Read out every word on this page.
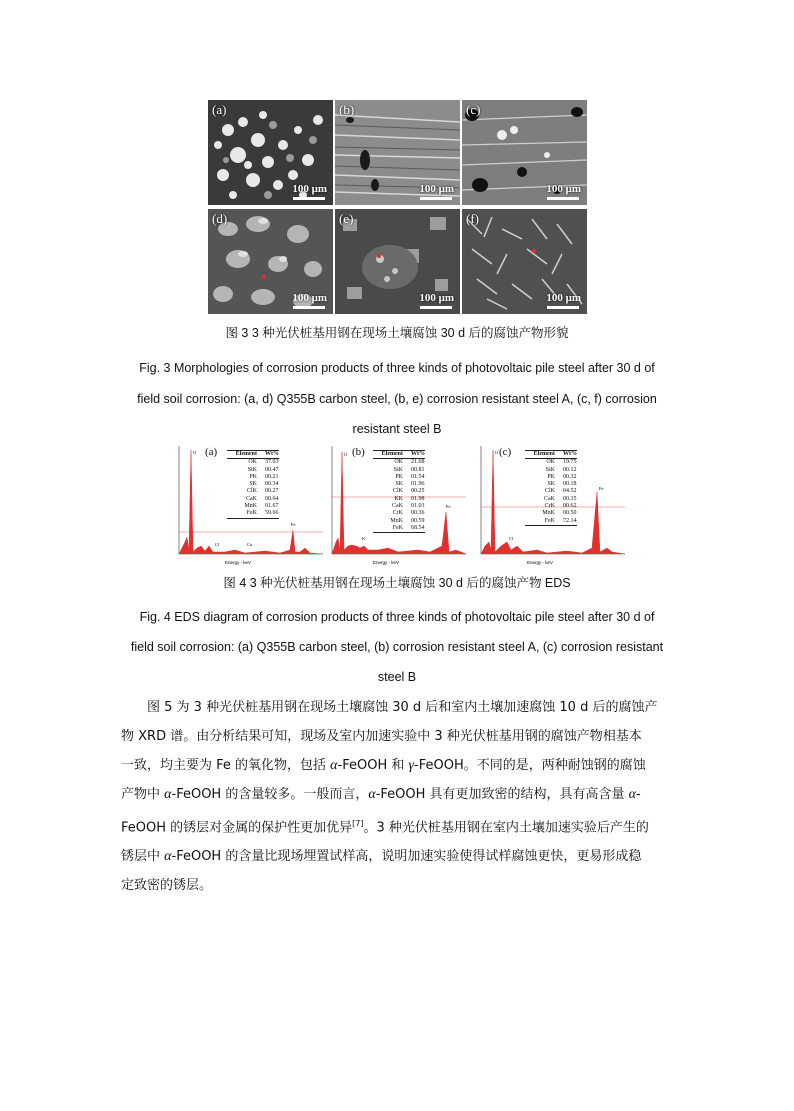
(a)
100 μm
(b)
100 μm
(c)
100 μm
(d)
100 μm
(e)
100 μm
(f)
100 μm
图 3 3 种光伏桩基用钢在现场土壤腐蚀 30 d 后的腐蚀产物形貌
Fig. 3 Morphologies of corrosion products of three kinds of photovoltaic pile steel after 30 d of
field soil corrosion: (a, d) Q355B carbon steel, (b, e) corrosion resistant steel A, (c, f) corrosion
resistant steel B
O
Cl	Ca
Fe
Energy - keV
(a)	Element	Wt%
OK	37.03
SiK	00.47
PK	00.21
SK	00.34
ClK	00.27
CaK	00.64
MnK	01.67
FeK	59.66
O
K
Fe
Energy - keV
(b)	Element	Wt%
OK	21.68
SiK	00.81
PK	01.54
SK	01.96
ClK	00.25
KK	01.98
CaK	01.03
CrK	00.36
MnK	00.59
FeK	68.54
O
Cl
Fe
Energy - keV
(c)	Element	Wt%
OK	19.75
SiK	00.12
PK	00.32
SK	00.18
ClK	04.52
CaK	00.35
CrK	00.62
MnK	00.50
FeK	72.14
图 4 3 种光伏桩基用钢在现场土壤腐蚀 30 d 后的腐蚀产物 EDS
Fig. 4 EDS diagram of corrosion products of three kinds of photovoltaic pile steel after 30 d of
field soil corrosion: (a) Q355B carbon steel, (b) corrosion resistant steel A, (c) corrosion resistant
steel B
图 5 为 3 种光伏桩基用钢在现场土壤腐蚀 30 d 后和室内土壤加速腐蚀 10 d 后的腐蚀产
物 XRD 谱。由分析结果可知，现场及室内加速实验中 3 种光伏桩基用钢的腐蚀产物相基本
一致，均主要为 Fe 的氧化物，包括 α-FeOOH 和 γ-FeOOH。不同的是，两种耐蚀钢的腐蚀
产物中 α-FeOOH 的含量较多。一般而言，α-FeOOH 具有更加致密的结构，具有高含量 α-
FeOOH 的锈层对金属的保护性更加优异[7]。3 种光伏桩基用钢在室内土壤加速实验后产生的
锈层中 α-FeOOH 的含量比现场埋置试样高，说明加速实验使得试样腐蚀更快，更易形成稳
定致密的锈层。
